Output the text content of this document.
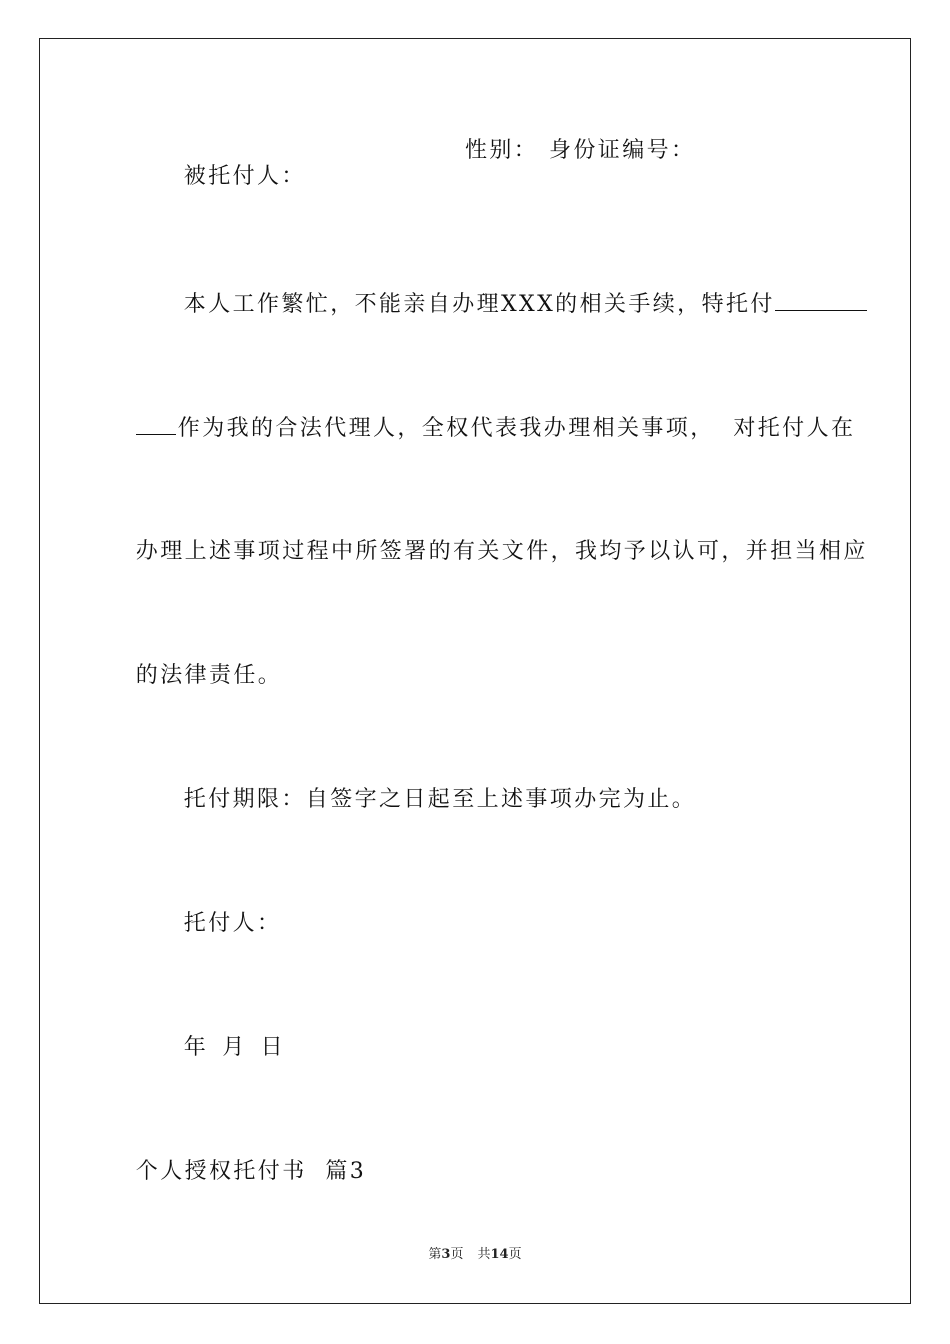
被托付人：

性别： 身份证编号：

本人工作繁忙，不能亲自办理XXX的相关手续，特托付

作为我的合法代理人，全权代表我办理相关事项，  对托付人在

办理上述事项过程中所签署的有关文件，我均予以认可，并担当相应

的法律责任。

托付期限：自签字之日起至上述事项办完为止。

托付人：

年 月 日

个人授权托付书  篇3

第3页 共14页
